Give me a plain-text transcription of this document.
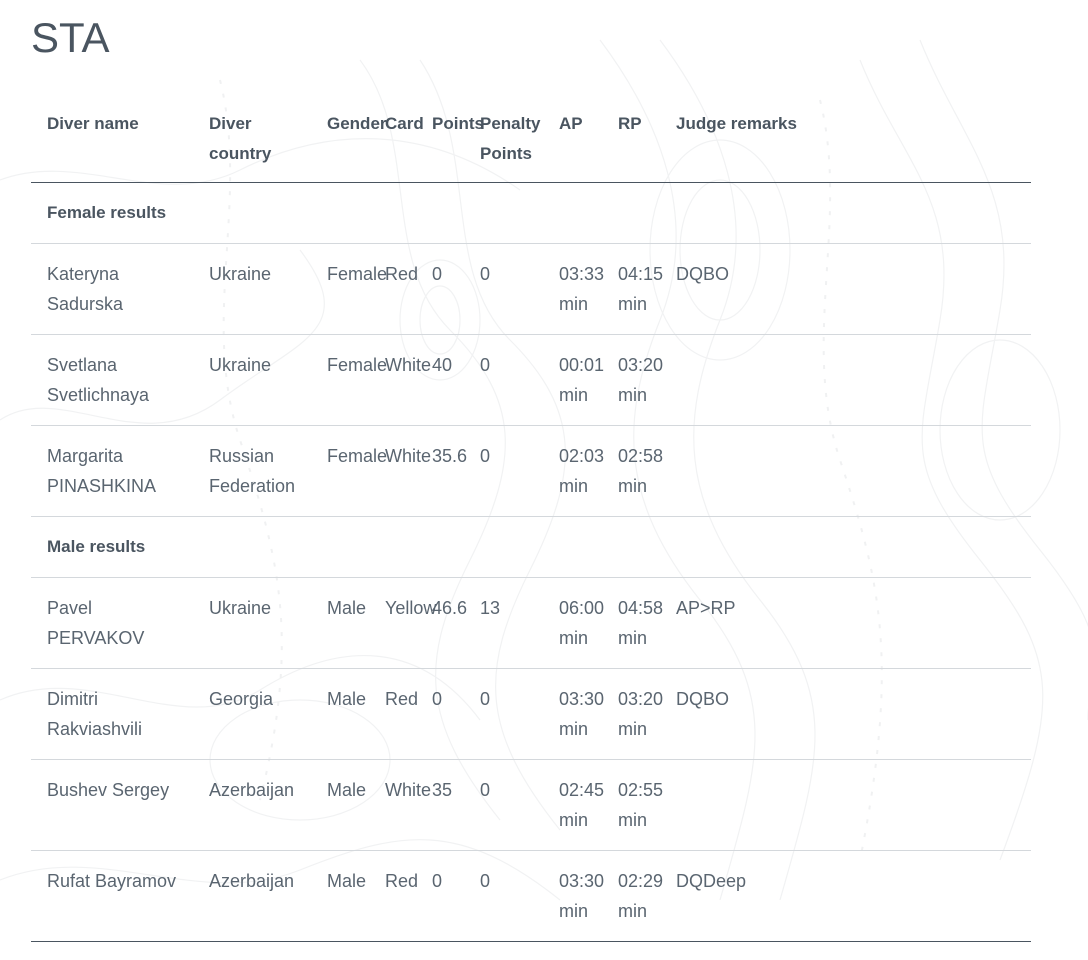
STA
Diver name	Diver country	Gender	Card	Points	Penalty Points	AP	RP	Judge remarks
Female results								
Kateryna Sadurska	Ukraine	Female	Red	0	0	03:33 min	04:15 min	DQBO
Svetlana Svetlichnaya	Ukraine	Female	White	40	0	00:01 min	03:20 min	
Margarita PINASHKINA	Russian Federation	Female	White	35.6	0	02:03 min	02:58 min	
Male results								
Pavel PERVAKOV	Ukraine	Male	Yellow	46.6	13	06:00 min	04:58 min	AP>RP
Dimitri Rakviashvili	Georgia	Male	Red	0	0	03:30 min	03:20 min	DQBO
Bushev Sergey	Azerbaijan	Male	White	35	0	02:45 min	02:55 min	
Rufat Bayramov	Azerbaijan	Male	Red	0	0	03:30 min	02:29 min	DQDeep
